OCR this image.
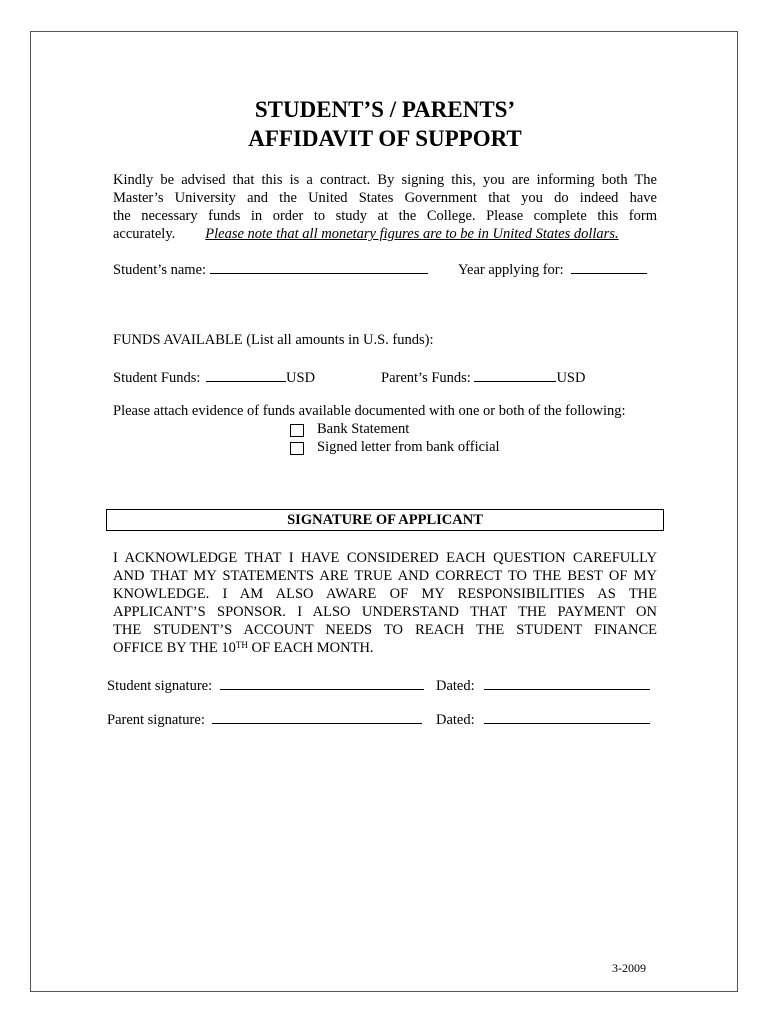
STUDENT’S / PARENTS’
AFFIDAVIT OF SUPPORT
Kindly be advised that this is a contract. By signing this, you are informing both The
Master’s University and the United States Government that you do indeed have
the necessary funds in order to study at the College. Please complete this form
accurately. Please note that all monetary figures are to be in United States dollars.
Student’s name:	Year applying for:
FUNDS AVAILABLE (List all amounts in U.S. funds):
Student Funds:	USD	Parent’s Funds:	USD
Please attach evidence of funds available documented with one or both of the following:
Bank Statement
Signed letter from bank official
SIGNATURE OF APPLICANT
I ACKNOWLEDGE THAT I HAVE CONSIDERED EACH QUESTION CAREFULLY
AND THAT MY STATEMENTS ARE TRUE AND CORRECT TO THE BEST OF MY
KNOWLEDGE. I AM ALSO AWARE OF MY RESPONSIBILITIES AS THE
APPLICANT’S SPONSOR. I ALSO UNDERSTAND THAT THE PAYMENT ON
THE STUDENT’S ACCOUNT NEEDS TO REACH THE STUDENT FINANCE
OFFICE BY THE 10TH OF EACH MONTH.
Student signature:	Dated:
Parent signature:	Dated:
3-2009
